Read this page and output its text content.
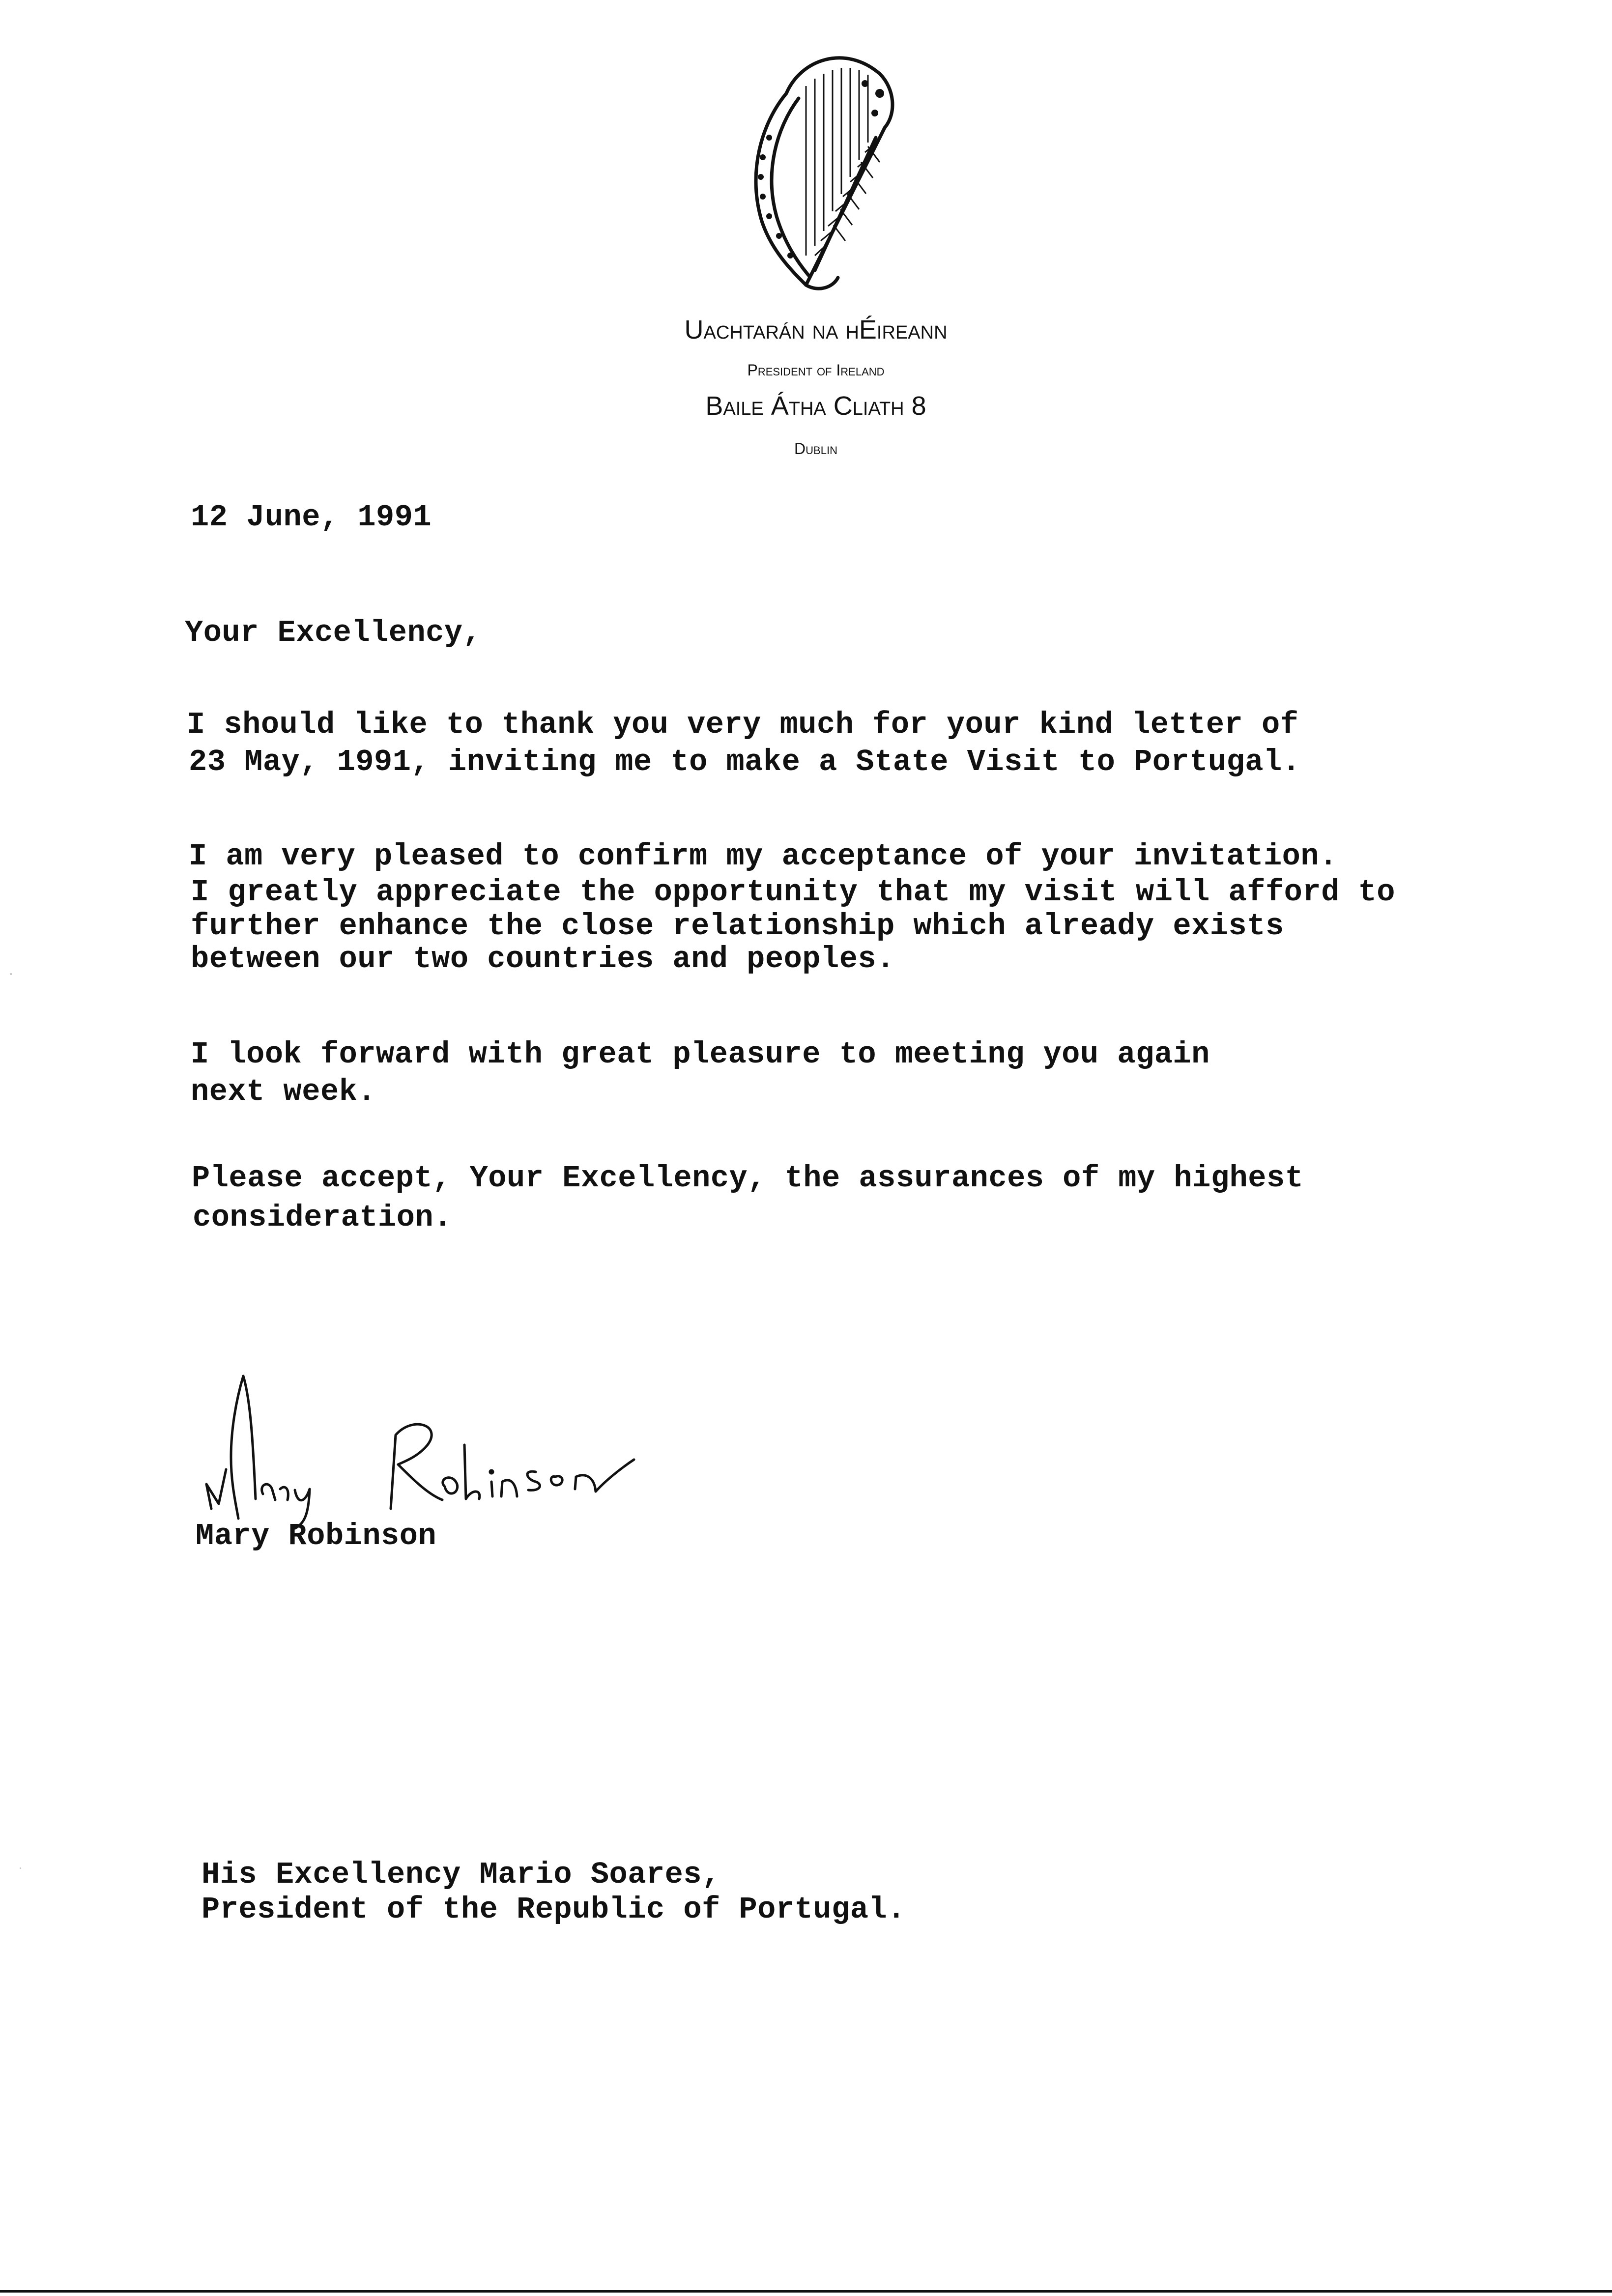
Uachtarán na hÉireann
President of Ireland
Baile Átha Cliath 8
Dublin
12 June, 1991
Your Excellency,
I should like to thank you very much for your kind letter of
23 May, 1991, inviting me to make a State Visit to Portugal.
I am very pleased to confirm my acceptance of your invitation.
I greatly appreciate the opportunity that my visit will afford to
further enhance the close relationship which already exists
between our two countries and peoples.
I look forward with great pleasure to meeting you again
next week.
Please accept, Your Excellency, the assurances of my highest
consideration.
Mary Robinson
His Excellency Mario Soares,
President of the Republic of Portugal.
